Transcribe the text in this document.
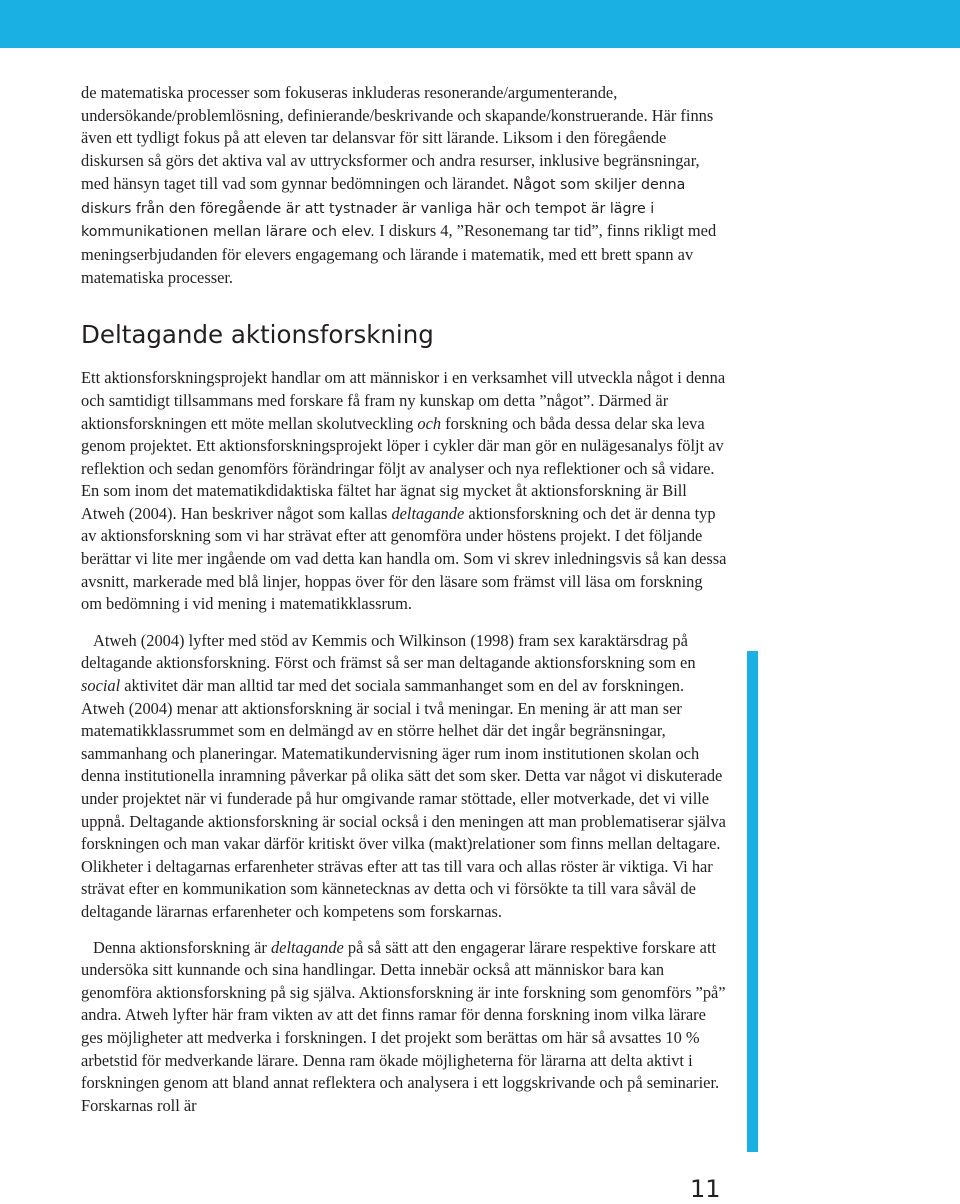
de matematiska processer som fokuseras inkluderas resonerande/argumenterande, undersökande/problemlösning, definierande/beskrivande och skapande/konstruerande. Här finns även ett tydligt fokus på att eleven tar delansvar för sitt lärande. Liksom i den föregående diskursen så görs det aktiva val av uttrycksformer och andra resurser, inklusive begränsningar, med hänsyn taget till vad som gynnar bedömningen och lärandet. Något som skiljer denna diskurs från den föregående är att tystnader är vanliga här och tempot är lägre i kommunikationen mellan lärare och elev. I diskurs 4, ”Resonemang tar tid”, finns rikligt med meningserbjudanden för elevers engagemang och lärande i matematik, med ett brett spann av matematiska processer.

Deltagande aktionsforskning

Ett aktionsforskningsprojekt handlar om att människor i en verksamhet vill utveckla något i denna och samtidigt tillsammans med forskare få fram ny kunskap om detta ”något”. Därmed är aktionsforskningen ett möte mellan skolutveckling och forskning och båda dessa delar ska leva genom projektet. Ett aktionsforskningsprojekt löper i cykler där man gör en nulägesanalys följt av reflektion och sedan genomförs förändringar följt av analyser och nya reflektioner och så vidare. En som inom det matematikdidaktiska fältet har ägnat sig mycket åt aktionsforskning är Bill Atweh (2004). Han beskriver något som kallas deltagande aktionsforskning och det är denna typ av aktionsforskning som vi har strävat efter att genomföra under höstens projekt. I det följande berättar vi lite mer ingående om vad detta kan handla om. Som vi skrev inledningsvis så kan dessa avsnitt, markerade med blå linjer, hoppas över för den läsare som främst vill läsa om forskning om bedömning i vid mening i matematikklassrum.

Atweh (2004) lyfter med stöd av Kemmis och Wilkinson (1998) fram sex karaktärsdrag på deltagande aktionsforskning. Först och främst så ser man deltagande aktionsforskning som en social aktivitet där man alltid tar med det sociala sammanhanget som en del av forskningen. Atweh (2004) menar att aktionsforskning är social i två meningar. En mening är att man ser matematikklassrummet som en delmängd av en större helhet där det ingår begränsningar, sammanhang och planeringar. Matematikundervisning äger rum inom institutionen skolan och denna institutionella inramning påverkar på olika sätt det som sker. Detta var något vi diskuterade under projektet när vi funderade på hur omgivande ramar stöttade, eller motverkade, det vi ville uppnå. Deltagande aktionsforskning är social också i den meningen att man problematiserar själva forskningen och man vakar därför kritiskt över vilka (makt)relationer som finns mellan deltagare. Olikheter i deltagarnas erfarenheter strävas efter att tas till vara och allas röster är viktiga. Vi har strävat efter en kommunikation som kännetecknas av detta och vi försökte ta till vara såväl de deltagande lärarnas erfarenheter och kompetens som forskarnas.

Denna aktionsforskning är deltagande på så sätt att den engagerar lärare respektive forskare att undersöka sitt kunnande och sina handlingar. Detta innebär också att människor bara kan genomföra aktionsforskning på sig själva. Aktionsforskning är inte forskning som genomförs ”på” andra. Atweh lyfter här fram vikten av att det finns ramar för denna forskning inom vilka lärare ges möjligheter att medverka i forskningen. I det projekt som berättas om här så avsattes 10 % arbetstid för medverkande lärare. Denna ram ökade möjligheterna för lärarna att delta aktivt i forskningen genom att bland annat reflektera och analysera i ett loggskrivande och på seminarier. Forskarnas roll är

11
